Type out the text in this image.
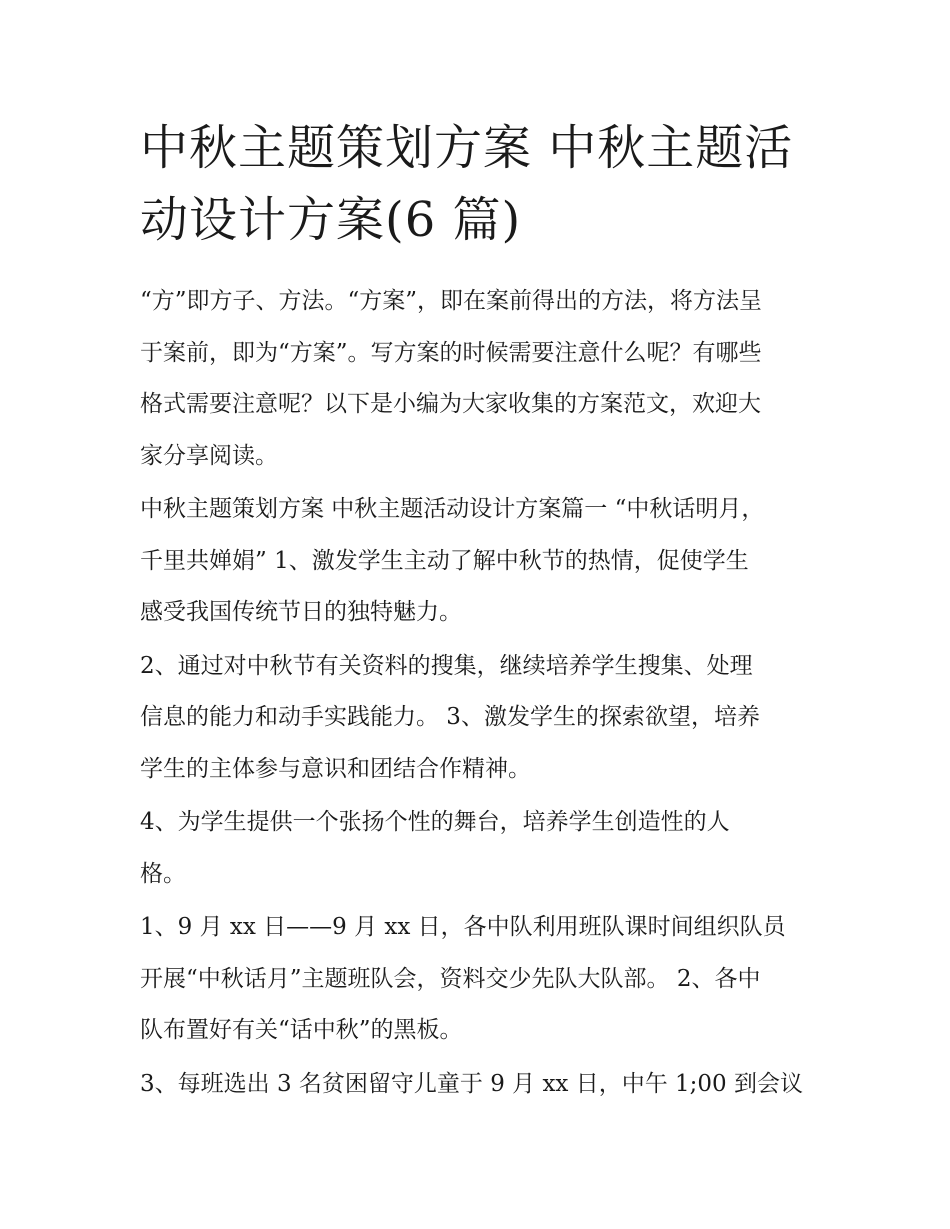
中秋主题策划方案 中秋主题活
动设计方案(6 篇)

“方”即方子、方法。“方案”，即在案前得出的方法，将方法呈
于案前，即为“方案”。写方案的时候需要注意什么呢？有哪些
格式需要注意呢？以下是小编为大家收集的方案范文，欢迎大
家分享阅读。

中秋主题策划方案 中秋主题活动设计方案篇一 “中秋话明月，
千里共婵娟” 1、激发学生主动了解中秋节的热情，促使学生
感受我国传统节日的独特魅力。

2、通过对中秋节有关资料的搜集，继续培养学生搜集、处理
信息的能力和动手实践能力。 3、激发学生的探索欲望，培养
学生的主体参与意识和团结合作精神。

4、为学生提供一个张扬个性的舞台，培养学生创造性的人
格。

1、9 月 xx 日——9 月 xx 日，各中队利用班队课时间组织队员
开展“中秋话月”主题班队会，资料交少先队大队部。 2、各中
队布置好有关“话中秋”的黑板。

3、每班选出 3 名贫困留守儿童于 9 月 xx 日，中午 1;00 到会议
